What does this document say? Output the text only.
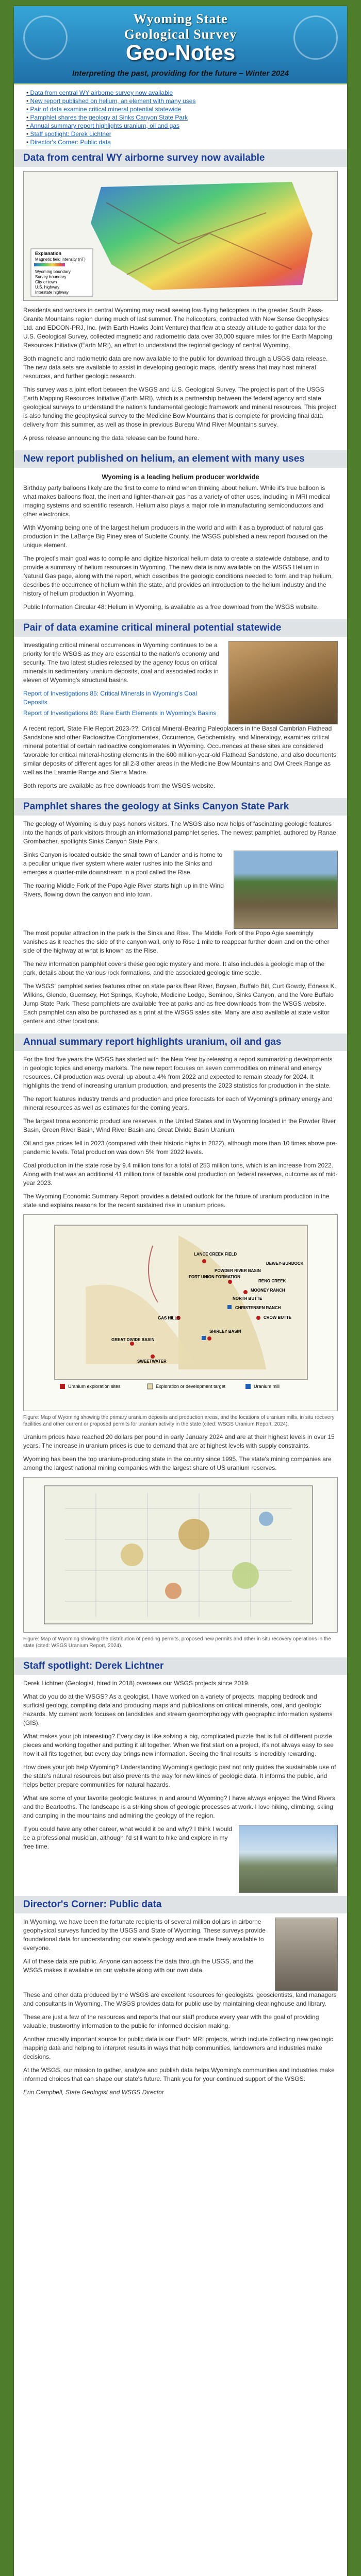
Wyoming State
Geological Survey
Geo-Notes
Interpreting the past, providing for the future – Winter 2024
• Data from central WY airborne survey now available
• New report published on helium, an element with many uses
• Pair of data examine critical mineral potential statewide
• Pamphlet shares the geology at Sinks Canyon State Park
• Annual summary report highlights uranium, oil and gas
• Staff spotlight: Derek Lichtner
• Director's Corner: Public data
Data from central WY airborne survey now available
Explanation
Magnetic field intensity (nT)
Wyoming boundary
Survey boundary
City or town
U.S. highway
Interstate highway

Residents and workers in central Wyoming may recall seeing low-flying helicopters in the greater South Pass-Granite Mountains region during much of last summer. The helicopters, contracted with New Sense Geophysics Ltd. and EDCON-PRJ, Inc. (with Earth Hawks Joint Venture) that flew at a steady altitude to gather data for the U.S. Geological Survey, collected magnetic and radiometric data over 30,000 square miles for the Earth Mapping Resources Initiative (Earth MRI), an effort to understand the regional geology of central Wyoming.

Both magnetic and radiometric data are now available to the public for download through a USGS data release. The new data sets are available to assist in developing geologic maps, identify areas that may host mineral resources, and further geologic research.

This survey was a joint effort between the WSGS and U.S. Geological Survey. The project is part of the USGS Earth Mapping Resources Initiative (Earth MRI), which is a partnership between the federal agency and state geological surveys to understand the nation's fundamental geologic framework and mineral resources. This project is also funding the geophysical survey to the Medicine Bow Mountains that is complete for providing final data delivery from this summer, as well as those in previous Bureau Wind River Mountains survey.

A press release announcing the data release can be found here.

New report published on helium, an element with many uses
Wyoming is a leading helium producer worldwide

Birthday party balloons likely are the first to come to mind when thinking about helium. While it's true balloon is what makes balloons float, the inert and lighter-than-air gas has a variety of other uses, including in MRI medical imaging systems and scientific research. Helium also plays a major role in manufacturing semiconductors and other electronics.

With Wyoming being one of the largest helium producers in the world and with it as a byproduct of natural gas production in the LaBarge Big Piney area of Sublette County, the WSGS published a new report focused on the unique element.

The project's main goal was to compile and digitize historical helium data to create a statewide database, and to provide a summary of helium resources in Wyoming. The new data is now available on the WSGS Helium in Natural Gas page, along with the report, which describes the geologic conditions needed to form and trap helium, describes the occurrence of helium within the state, and provides an introduction to the helium industry and the history of helium production in Wyoming.

Public Information Circular 48: Helium in Wyoming, is available as a free download from the WSGS website.

Pair of data examine critical mineral potential statewide

Investigating critical mineral occurrences in Wyoming continues to be a priority for the WSGS as they are essential to the nation's economy and security. The two latest studies released by the agency focus on critical minerals in sedimentary uranium deposits, coal and associated rocks in eleven of Wyoming's structural basins.

Report of Investigations 85: Critical Minerals in Wyoming's Coal Deposits

Report of Investigations 86: Rare Earth Elements in Wyoming's Basins

A recent report, State File Report 2023-??: Critical Mineral-Bearing Paleoplacers in the Basal Cambrian Flathead Sandstone and other Radioactive Conglomerates, Occurrence, Geochemistry, and Mineralogy, examines critical mineral potential of certain radioactive conglomerates in Wyoming. Occurrences at these sites are considered favorable for critical mineral-hosting elements in the 600 million-year-old Flathead Sandstone, and also documents similar deposits of different ages for all 2-3 other areas in the Medicine Bow Mountains and Owl Creek Range as well as the Laramie Range and Sierra Madre.

Both reports are available as free downloads from the WSGS website.

Pamphlet shares the geology at Sinks Canyon State Park

The geology of Wyoming is duly pays honors visitors. The WSGS also now helps of fascinating geologic features into the hands of park visitors through an informational pamphlet series. The newest pamphlet, authored by Ranae Grombacher, spotlights Sinks Canyon State Park.

Sinks Canyon is located outside the small town of Lander and is home to a peculiar unique river system where water rushes into the Sinks and emerges a quarter-mile downstream in a pool called the Rise.

The roaring Middle Fork of the Popo Agie River starts high up in the Wind Rivers, flowing down the canyon and into town.

The most popular attraction in the park is the Sinks and Rise. The Middle Fork of the Popo Agie seemingly vanishes as it reaches the side of the canyon wall, only to Rise 1 mile to reappear further down and on the other side of the highway at what is known as the Rise.

The new information pamphlet covers these geologic mystery and more. It also includes a geologic map of the park, details about the various rock formations, and the associated geologic time scale.

The WSGS' pamphlet series features other on state parks Bear River, Boysen, Buffalo Bill, Curt Gowdy, Edness K. Wilkins, Glendo, Guernsey, Hot Springs, Keyhole, Medicine Lodge, Seminoe, Sinks Canyon, and the Vore Buffalo Jump State Park. These pamphlets are available free at parks and as free downloads from the WSGS website. Each pamphlet can also be purchased as a print at the WSGS sales site. Many are also available at state visitor centers and other locations.

Annual summary report highlights uranium, oil and gas

For the first five years the WSGS has started with the New Year by releasing a report summarizing developments in geologic topics and energy markets. The new report focuses on seven commodities on mineral and energy resources. Oil production was overall up about a 4% from 2022 and expected to remain steady for 2024. It highlights the trend of increasing uranium production, and presents the 2023 statistics for production in the state.

The report features industry trends and production and price forecasts for each of Wyoming's primary energy and mineral resources as well as estimates for the coming years.

The largest trona economic product are reserves in the United States and in Wyoming located in the Powder River Basin, Green River Basin, Wind River Basin and Great Divide Basin Uranium.

Oil and gas prices fell in 2023 (compared with their historic highs in 2022), although more than 10 times above pre-pandemic levels. Total production was down 5% from 2022 levels.

Coal production in the state rose by 9.4 million tons for a total of 253 million tons, which is an increase from 2022. Along with that was an additional 41 million tons of taxable coal production on federal reserves, outcome as of mid-year 2023.

The Wyoming Economic Summary Report provides a detailed outlook for the future of uranium production in the state and explains reasons for the recent sustained rise in uranium prices.

LANCE CREEK FIELD
POWDER RIVER BASIN
FORT UNION FORMATION
MOONEY RANCH
NORTH BUTTE
CHRISTENSEN RANCH
CROW BUTTE
GAS HILLS
SHIRLEY BASIN
GREAT DIVIDE BASIN
SWEETWATER
RENO CREEK
DEWEY-BURDOCK
Uranium exploration sites	Exploration or development target	Uranium mill

Figure: Map of Wyoming showing the primary uranium deposits and production areas, and the locations of uranium mills, in situ recovery facilities and other current or proposed permits for uranium activity in the state (cited: WSGS Uranium Report, 2024).

Uranium prices have reached 20 dollars per pound in early January 2024 and are at their highest levels in over 15 years. The increase in uranium prices is due to demand that are at highest levels with supply constraints.

Wyoming has been the top uranium-producing state in the country since 1995. The state's mining companies are among the largest national mining companies with the largest share of US uranium reserves.

Figure: Map of Wyoming showing the distribution of pending permits, proposed new permits and other in situ recovery operations in the state (cited: WSGS Uranium Report, 2024).

Staff spotlight: Derek Lichtner

Derek Lichtner (Geologist, hired in 2018) oversees our WSGS projects since 2019.

What do you do at the WSGS? As a geologist, I have worked on a variety of projects, mapping bedrock and surficial geology, compiling data and producing maps and publications on critical minerals, coal, and geologic hazards. My current work focuses on landslides and stream geomorphology with geographic information systems (GIS).

What makes your job interesting? Every day is like solving a big, complicated puzzle that is full of different puzzle pieces and working together and putting it all together. When we first start on a project, it's not always easy to see how it all fits together, but every day brings new information. Seeing the final results is incredibly rewarding.

How does your job help Wyoming? Understanding Wyoming's geologic past not only guides the sustainable use of the state's natural resources but also prevents the way for new kinds of geologic data. It informs the public, and helps better prepare communities for natural hazards.

What are some of your favorite geologic features in and around Wyoming? I have always enjoyed the Wind Rivers and the Beartooths. The landscape is a striking show of geologic processes at work. I love hiking, climbing, skiing and camping in the mountains and admiring the geology of the region.

If you could have any other career, what would it be and why? I think I would be a professional musician, although I'd still want to hike and explore in my free time.

Director's Corner: Public data

In Wyoming, we have been the fortunate recipients of several million dollars in airborne geophysical surveys funded by the USGS and State of Wyoming. These surveys provide foundational data for understanding our state's geology and are made freely available to everyone.

All of these data are public. Anyone can access the data through the USGS, and the WSGS makes it available on our website along with our own data.

These and other data produced by the WSGS are excellent resources for geologists, geoscientists, land managers and consultants in Wyoming. The WSGS provides data for public use by maintaining clearinghouse and library.

These are just a few of the resources and reports that our staff produce every year with the goal of providing valuable, trustworthy information to the public for informed decision making.

Another crucially important source for public data is our Earth MRI projects, which include collecting new geologic mapping data and helping to interpret results in ways that help communities, landowners and industries make decisions.

At the WSGS, our mission to gather, analyze and publish data helps Wyoming's communities and industries make informed choices that can shape our state's future. Thank you for your continued support of the WSGS.

Erin Campbell, State Geologist and WSGS Director
